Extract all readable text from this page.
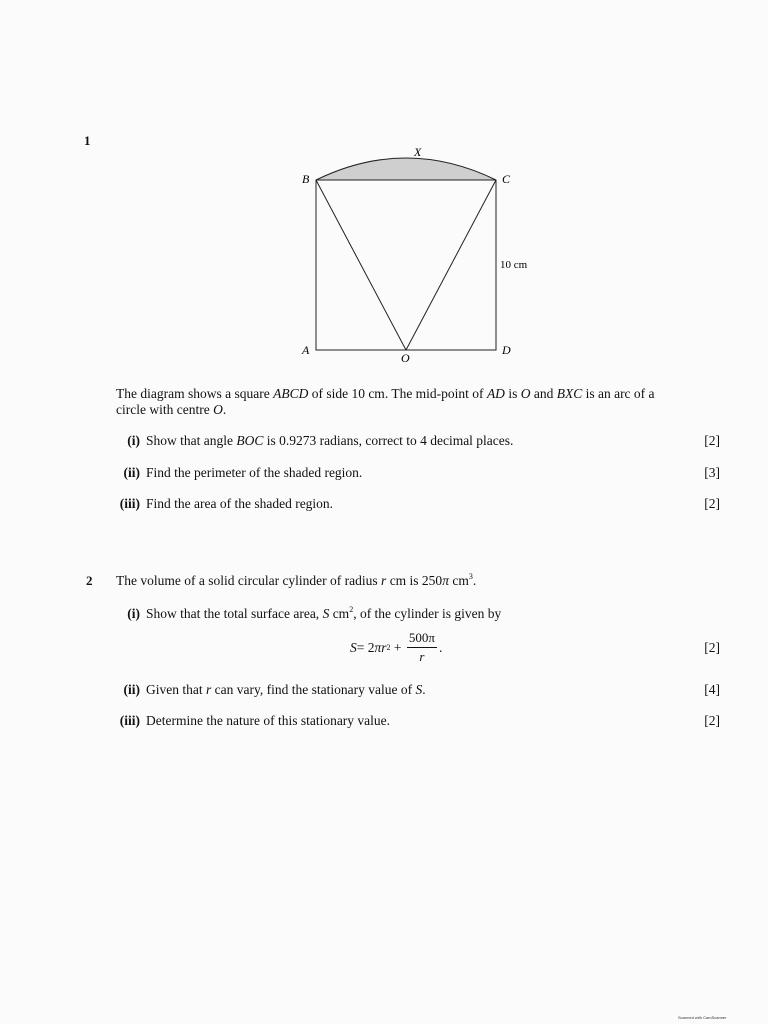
1
X
B	C
A	D
O
10 cm
The diagram shows a square ABCD of side 10 cm. The mid-point of AD is O and BXC is an arc of a
circle with centre O.
(i) Show that angle BOC is 0.9273 radians, correct to 4 decimal places.	[2]
(ii) Find the perimeter of the shaded region.	[3]
(iii) Find the area of the shaded region.	[2]
2 The volume of a solid circular cylinder of radius r cm is 250π $cm^3$.
(i) Show that the total surface area, S $cm^2$, of the cylinder is given by
S = 2 π r $2 + \frac{500\pi}{r}$ .	[2]
(ii) Given that r can vary, find the stationary value of S.	[4]
(iii) Determine the nature of this stationary value.	[2]
Scanned with CamScanner
